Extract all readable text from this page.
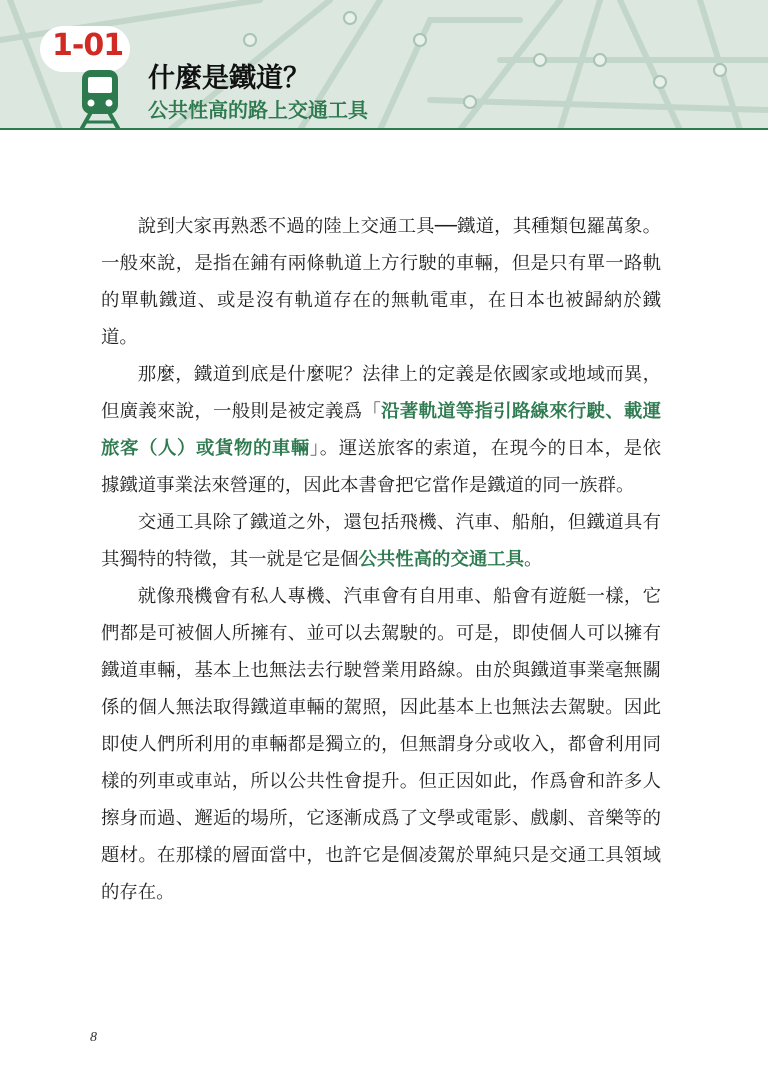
1-01
什麼是鐵道？
公共性高的路上交通工具

說到大家再熟悉不過的陸上交通工具──鐵道，其種類包羅萬象。一般來說，是指在鋪有兩條軌道上方行駛的車輛，但是只有單一路軌的單軌鐵道、或是沒有軌道存在的無軌電車，在日本也被歸納於鐵道。

那麼，鐵道到底是什麼呢？法律上的定義是依國家或地域而異，但廣義來說，一般則是被定義爲「沿著軌道等指引路線來行駛、載運旅客（人）或貨物的車輛」。運送旅客的索道，在現今的日本，是依據鐵道事業法來營運的，因此本書會把它當作是鐵道的同一族群。

交通工具除了鐵道之外，還包括飛機、汽車、船舶，但鐵道具有其獨特的特徵，其一就是它是個公共性高的交通工具。

就像飛機會有私人專機、汽車會有自用車、船會有遊艇一樣，它們都是可被個人所擁有、並可以去駕駛的。可是，即使個人可以擁有鐵道車輛，基本上也無法去行駛營業用路線。由於與鐵道事業毫無關係的個人無法取得鐵道車輛的駕照，因此基本上也無法去駕駛。因此即使人們所利用的車輛都是獨立的，但無謂身分或收入，都會利用同樣的列車或車站，所以公共性會提升。但正因如此，作爲會和許多人擦身而過、邂逅的場所，它逐漸成爲了文學或電影、戲劇、音樂等的題材。在那樣的層面當中，也許它是個凌駕於單純只是交通工具領域的存在。

8
